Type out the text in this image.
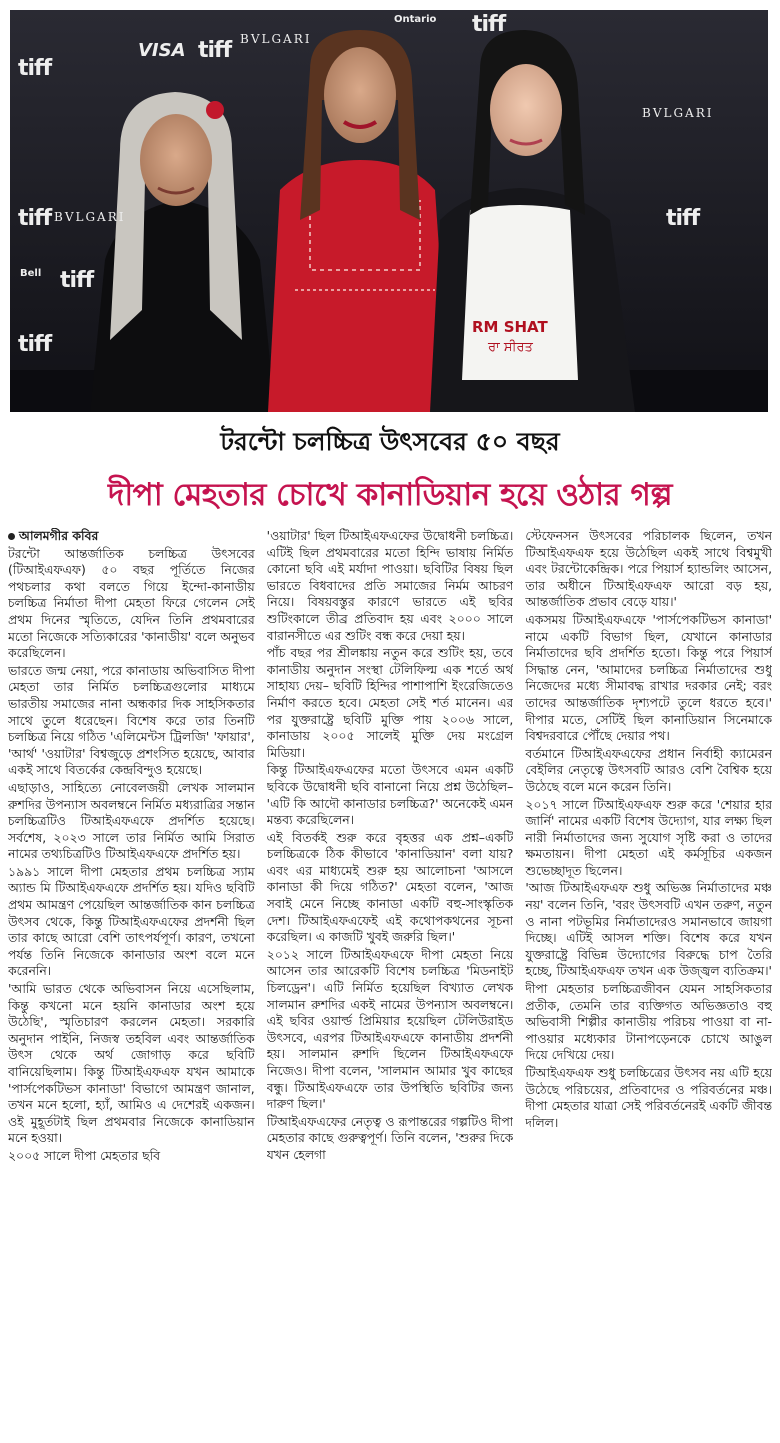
tiff
VISA
BVLGARI
tiff
Ontario tiff
BVLGARI
tiff
Bell tiff
tiff BVLGARI
tiff
RM SHAT
ਰਾ ਸੀਰਤ
টরন্টো চলচ্চিত্র উৎসবের ৫০ বছর
দীপা মেহতার চোখে কানাডিয়ান হয়ে ওঠার গল্প

আলমগীর কবির

টরন্টো আন্তর্জাতিক চলচ্চিত্র উৎসবের (টিআইএফএফ) ৫০ বছর পূর্তিতে নিজের পথচলার কথা বলতে গিয়ে ইন্দো-কানাডীয় চলচ্চিত্র নির্মাতা দীপা মেহতা ফিরে গেলেন সেই প্রথম দিনের স্মৃতিতে, যেদিন তিনি প্রথমবারের মতো নিজেকে সত্যিকারের 'কানাডীয়' বলে অনুভব করেছিলেন।

ভারতে জন্ম নেয়া, পরে কানাডায় অভিবাসিত দীপা মেহতা তার নির্মিত চলচ্চিত্রগুলোর মাধ্যমে ভারতীয় সমাজের নানা অন্ধকার দিক সাহসিকতার সাথে তুলে ধরেছেন। বিশেষ করে তার তিনটি চলচ্চিত্র নিয়ে গঠিত 'এলিমেন্টস ট্রিলজি' 'ফায়ার', 'আর্থ' 'ওয়াটার' বিশ্বজুড়ে প্রশংসিত হয়েছে, আবার একই সাথে বিতর্কের কেন্দ্রবিন্দুও হয়েছে।

এছাড়াও, সাহিত্যে নোবেলজয়ী লেখক সালমান রুশদির উপন্যাস অবলম্বনে নির্মিত মধ্যরাত্রির সন্তান চলচ্চিত্রটিও টিআইএফএফে প্রদর্শিত হয়েছে। সর্বশেষ, ২০২৩ সালে তার নির্মিত আমি সিরাত নামের তথ্যচিত্রটিও টিআইএফএফে প্রদর্শিত হয়।

১৯৯১ সালে দীপা মেহতার প্রথম চলচ্চিত্র স্যাম অ্যান্ড মি টিআইএফএফে প্রদর্শিত হয়। যদিও ছবিটি প্রথম আমন্ত্রণ পেয়েছিল আন্তর্জাতিক কান চলচ্চিত্র উৎসব থেকে, কিন্তু টিআইএফএফের প্রদর্শনী ছিল তার কাছে আরো বেশি তাৎপর্যপূর্ণ। কারণ, তখনো পর্যন্ত তিনি নিজেকে কানাডার অংশ বলে মনে করেননি।

'আমি ভারত থেকে অভিবাসন নিয়ে এসেছিলাম, কিন্তু কখনো মনে হয়নি কানাডার অংশ হয়ে উঠেছি', স্মৃতিচারণ করলেন মেহতা। সরকারি অনুদান পাইনি, নিজস্ব তহবিল এবং আন্তর্জাতিক উৎস থেকে অর্থ জোগাড় করে ছবিটি বানিয়েছিলাম। কিন্তু টিআইএফএফ যখন আমাকে 'পার্সপেকটিভস কানাডা' বিভাগে আমন্ত্রণ জানাল, তখন মনে হলো, হ্যাঁ, আমিও এ দেশেরই একজন। ওই মুহূর্তটাই ছিল প্রথমবার নিজেকে কানাডিয়ান মনে হওয়া।

২০০৫ সালে দীপা মেহতার ছবি

'ওয়াটার' ছিল টিআইএফএফের উদ্বোধনী চলচ্চিত্র। এটিই ছিল প্রথমবারের মতো হিন্দি ভাষায় নির্মিত কোনো ছবি এই মর্যাদা পাওয়া। ছবিটির বিষয় ছিল ভারতে বিধবাদের প্রতি সমাজের নির্মম আচরণ নিয়ে। বিষয়বস্তুর কারণে ভারতে এই ছবির শুটিংকালে তীব্র প্রতিবাদ হয় এবং ২০০০ সালে বারানসীতে এর শুটিং বন্ধ করে দেয়া হয়।

পাঁচ বছর পর শ্রীলঙ্কায় নতুন করে শুটিং হয়, তবে কানাডীয় অনুদান সংস্থা টেলিফিল্ম এক শর্তে অর্থ সাহায্য দেয়– ছবিটি হিন্দির পাশাপাশি ইংরেজিতেও নির্মাণ করতে হবে। মেহতা সেই শর্ত মানেন। এর পর যুক্তরাষ্ট্রে ছবিটি মুক্তি পায় ২০০৬ সালে, কানাডায় ২০০৫ সালেই মুক্তি দেয় মংগ্রেল মিডিয়া।

কিন্তু টিআইএফএফের মতো উৎসবে এমন একটি ছবিকে উদ্বোধনী ছবি বানানো নিয়ে প্রশ্ন উঠেছিল– 'এটি কি আদৌ কানাডার চলচ্চিত্র?' অনেকেই এমন মন্তব্য করেছিলেন।

এই বিতর্কই শুরু করে বৃহত্তর এক প্রশ্ন–একটি চলচ্চিত্রকে ঠিক কীভাবে 'কানাডিয়ান' বলা যায়? এবং এর মাধ্যমেই শুরু হয় আলোচনা 'আসলে কানাডা কী দিয়ে গঠিত?' মেহতা বলেন, 'আজ সবাই মেনে নিচ্ছে কানাডা একটি বহু-সাংস্কৃতিক দেশ। টিআইএফএফেই এই কথোপকথনের সূচনা করেছিল। এ কাজটি খুবই জরুরি ছিল।'

২০১২ সালে টিআইএফএফে দীপা মেহতা নিয়ে আসেন তার আরেকটি বিশেষ চলচ্চিত্র 'মিডনাইট চিলড্রেন'। এটি নির্মিত হয়েছিল বিখ্যাত লেখক সালমান রুশদির একই নামের উপন্যাস অবলম্বনে। এই ছবির ওয়ার্ল্ড প্রিমিয়ার হয়েছিল টেলিউরাইড উৎসবে, এরপর টিআইএফএফে কানাডীয় প্রদর্শনী হয়। সালমান রুশদি ছিলেন টিআইএফএফে নিজেও। দীপা বলেন, 'সালমান আমার খুব কাছের বন্ধু। টিআইএফএফে তার উপস্থিতি ছবিটির জন্য দারুণ ছিল।'

টিআইএফএফের নেতৃত্ব ও রূপান্তরের গল্পটিও দীপা মেহতার কাছে গুরুত্বপূর্ণ। তিনি বলেন, 'শুরুর দিকে যখন হেলগা

স্টেফেনসন উৎসবের পরিচালক ছিলেন, তখন টিআইএফএফ হয়ে উঠেছিল একই সাথে বিশ্বমুখী এবং টরন্টোকেন্দ্রিক। পরে পিয়ার্স হ্যান্ডলিং আসেন, তার অধীনে টিআইএফএফ আরো বড় হয়, আন্তর্জাতিক প্রভাব বেড়ে যায়।'

একসময় টিআইএফএফে 'পার্সপেকটিভস কানাডা' নামে একটি বিভাগ ছিল, যেখানে কানাডার নির্মাতাদের ছবি প্রদর্শিত হতো। কিন্তু পরে পিয়ার্স সিদ্ধান্ত নেন, 'আমাদের চলচ্চিত্র নির্মাতাদের শুধু নিজেদের মধ্যে সীমাবদ্ধ রাখার দরকার নেই; বরং তাদের আন্তর্জাতিক দৃশ্যপটে তুলে ধরতে হবে।' দীপার মতে, সেটিই ছিল কানাডিয়ান সিনেমাকে বিশ্বদরবারে পৌঁছে দেয়ার পথ।

বর্তমানে টিআইএফএফের প্রধান নির্বাহী ক্যামেরন বেইলির নেতৃত্বে উৎসবটি আরও বেশি বৈশ্বিক হয়ে উঠেছে বলে মনে করেন তিনি।

২০১৭ সালে টিআইএফএফ শুরু করে 'শেয়ার হার জার্নি' নামের একটি বিশেষ উদ্যোগ, যার লক্ষ্য ছিল নারী নির্মাতাদের জন্য সুযোগ সৃষ্টি করা ও তাদের ক্ষমতায়ন। দীপা মেহতা এই কর্মসূচির একজন শুভেচ্ছাদূত ছিলেন।

'আজ টিআইএফএফ শুধু অভিজ্ঞ নির্মাতাদের মঞ্চ নয়' বলেন তিনি, 'বরং উৎসবটি এখন তরুণ, নতুন ও নানা পটভূমির নির্মাতাদেরও সমানভাবে জায়গা দিচ্ছে। এটিই আসল শক্তি। বিশেষ করে যখন যুক্তরাষ্ট্রে বিভিন্ন উদ্যোগের বিরুদ্ধে চাপ তৈরি হচ্ছে, টিআইএফএফ তখন এক উজ্জ্বল ব্যতিক্রম।'

দীপা মেহতার চলচ্চিত্রজীবন যেমন সাহসিকতার প্রতীক, তেমনি তার ব্যক্তিগত অভিজ্ঞতাও বহু অভিবাসী শিল্পীর কানাডীয় পরিচয় পাওয়া বা না-পাওয়ার মধ্যেকার টানাপড়েনকে চোখে আঙুল দিয়ে দেখিয়ে দেয়।

টিআইএফএফ শুধু চলচ্চিত্রের উৎসব নয় এটি হয়ে উঠেছে পরিচয়ের, প্রতিবাদের ও পরিবর্তনের মঞ্চ। দীপা মেহতার যাত্রা সেই পরিবর্তনেরই একটি জীবন্ত দলিল।
